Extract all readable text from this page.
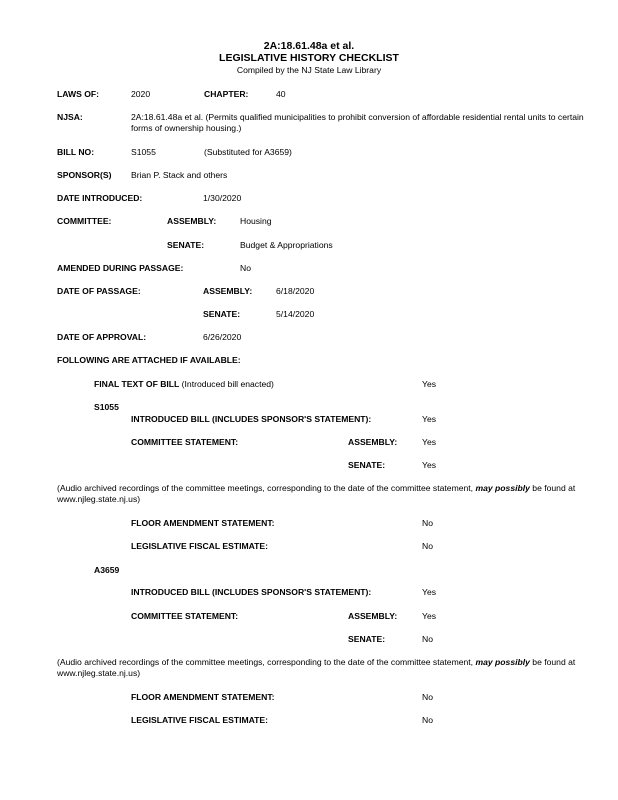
2A:18.61.48a et al.
LEGISLATIVE HISTORY CHECKLIST
Compiled by the NJ State Law Library
LAWS OF:	2020	CHAPTER:	40
NJSA:	2A:18.61.48a et al. (Permits qualified municipalities to prohibit conversion of affordable residential rental units to certain forms of ownership housing.)
BILL NO:	S1055	(Substituted for A3659)
SPONSOR(S) Brian P. Stack and others
DATE INTRODUCED:	1/30/2020
COMMITTEE:	ASSEMBLY:	Housing
SENATE:	Budget & Appropriations
AMENDED DURING PASSAGE:	No
DATE OF PASSAGE:	ASSEMBLY:	6/18/2020
SENATE:	5/14/2020
DATE OF APPROVAL:	6/26/2020
FOLLOWING ARE ATTACHED IF AVAILABLE:
FINAL TEXT OF BILL (Introduced bill enacted)	Yes
S1055
INTRODUCED BILL (INCLUDES SPONSOR'S STATEMENT):	Yes
COMMITTEE STATEMENT:	ASSEMBLY:	Yes
SENATE:	Yes
(Audio archived recordings of the committee meetings, corresponding to the date of the committee statement, may possibly be found at www.njleg.state.nj.us)
FLOOR AMENDMENT STATEMENT:	No
LEGISLATIVE FISCAL ESTIMATE:	No
A3659
INTRODUCED BILL (INCLUDES SPONSOR'S STATEMENT):	Yes
COMMITTEE STATEMENT:	ASSEMBLY:	Yes
SENATE:	No
(Audio archived recordings of the committee meetings, corresponding to the date of the committee statement, may possibly be found at www.njleg.state.nj.us)
FLOOR AMENDMENT STATEMENT:	No
LEGISLATIVE FISCAL ESTIMATE:	No
